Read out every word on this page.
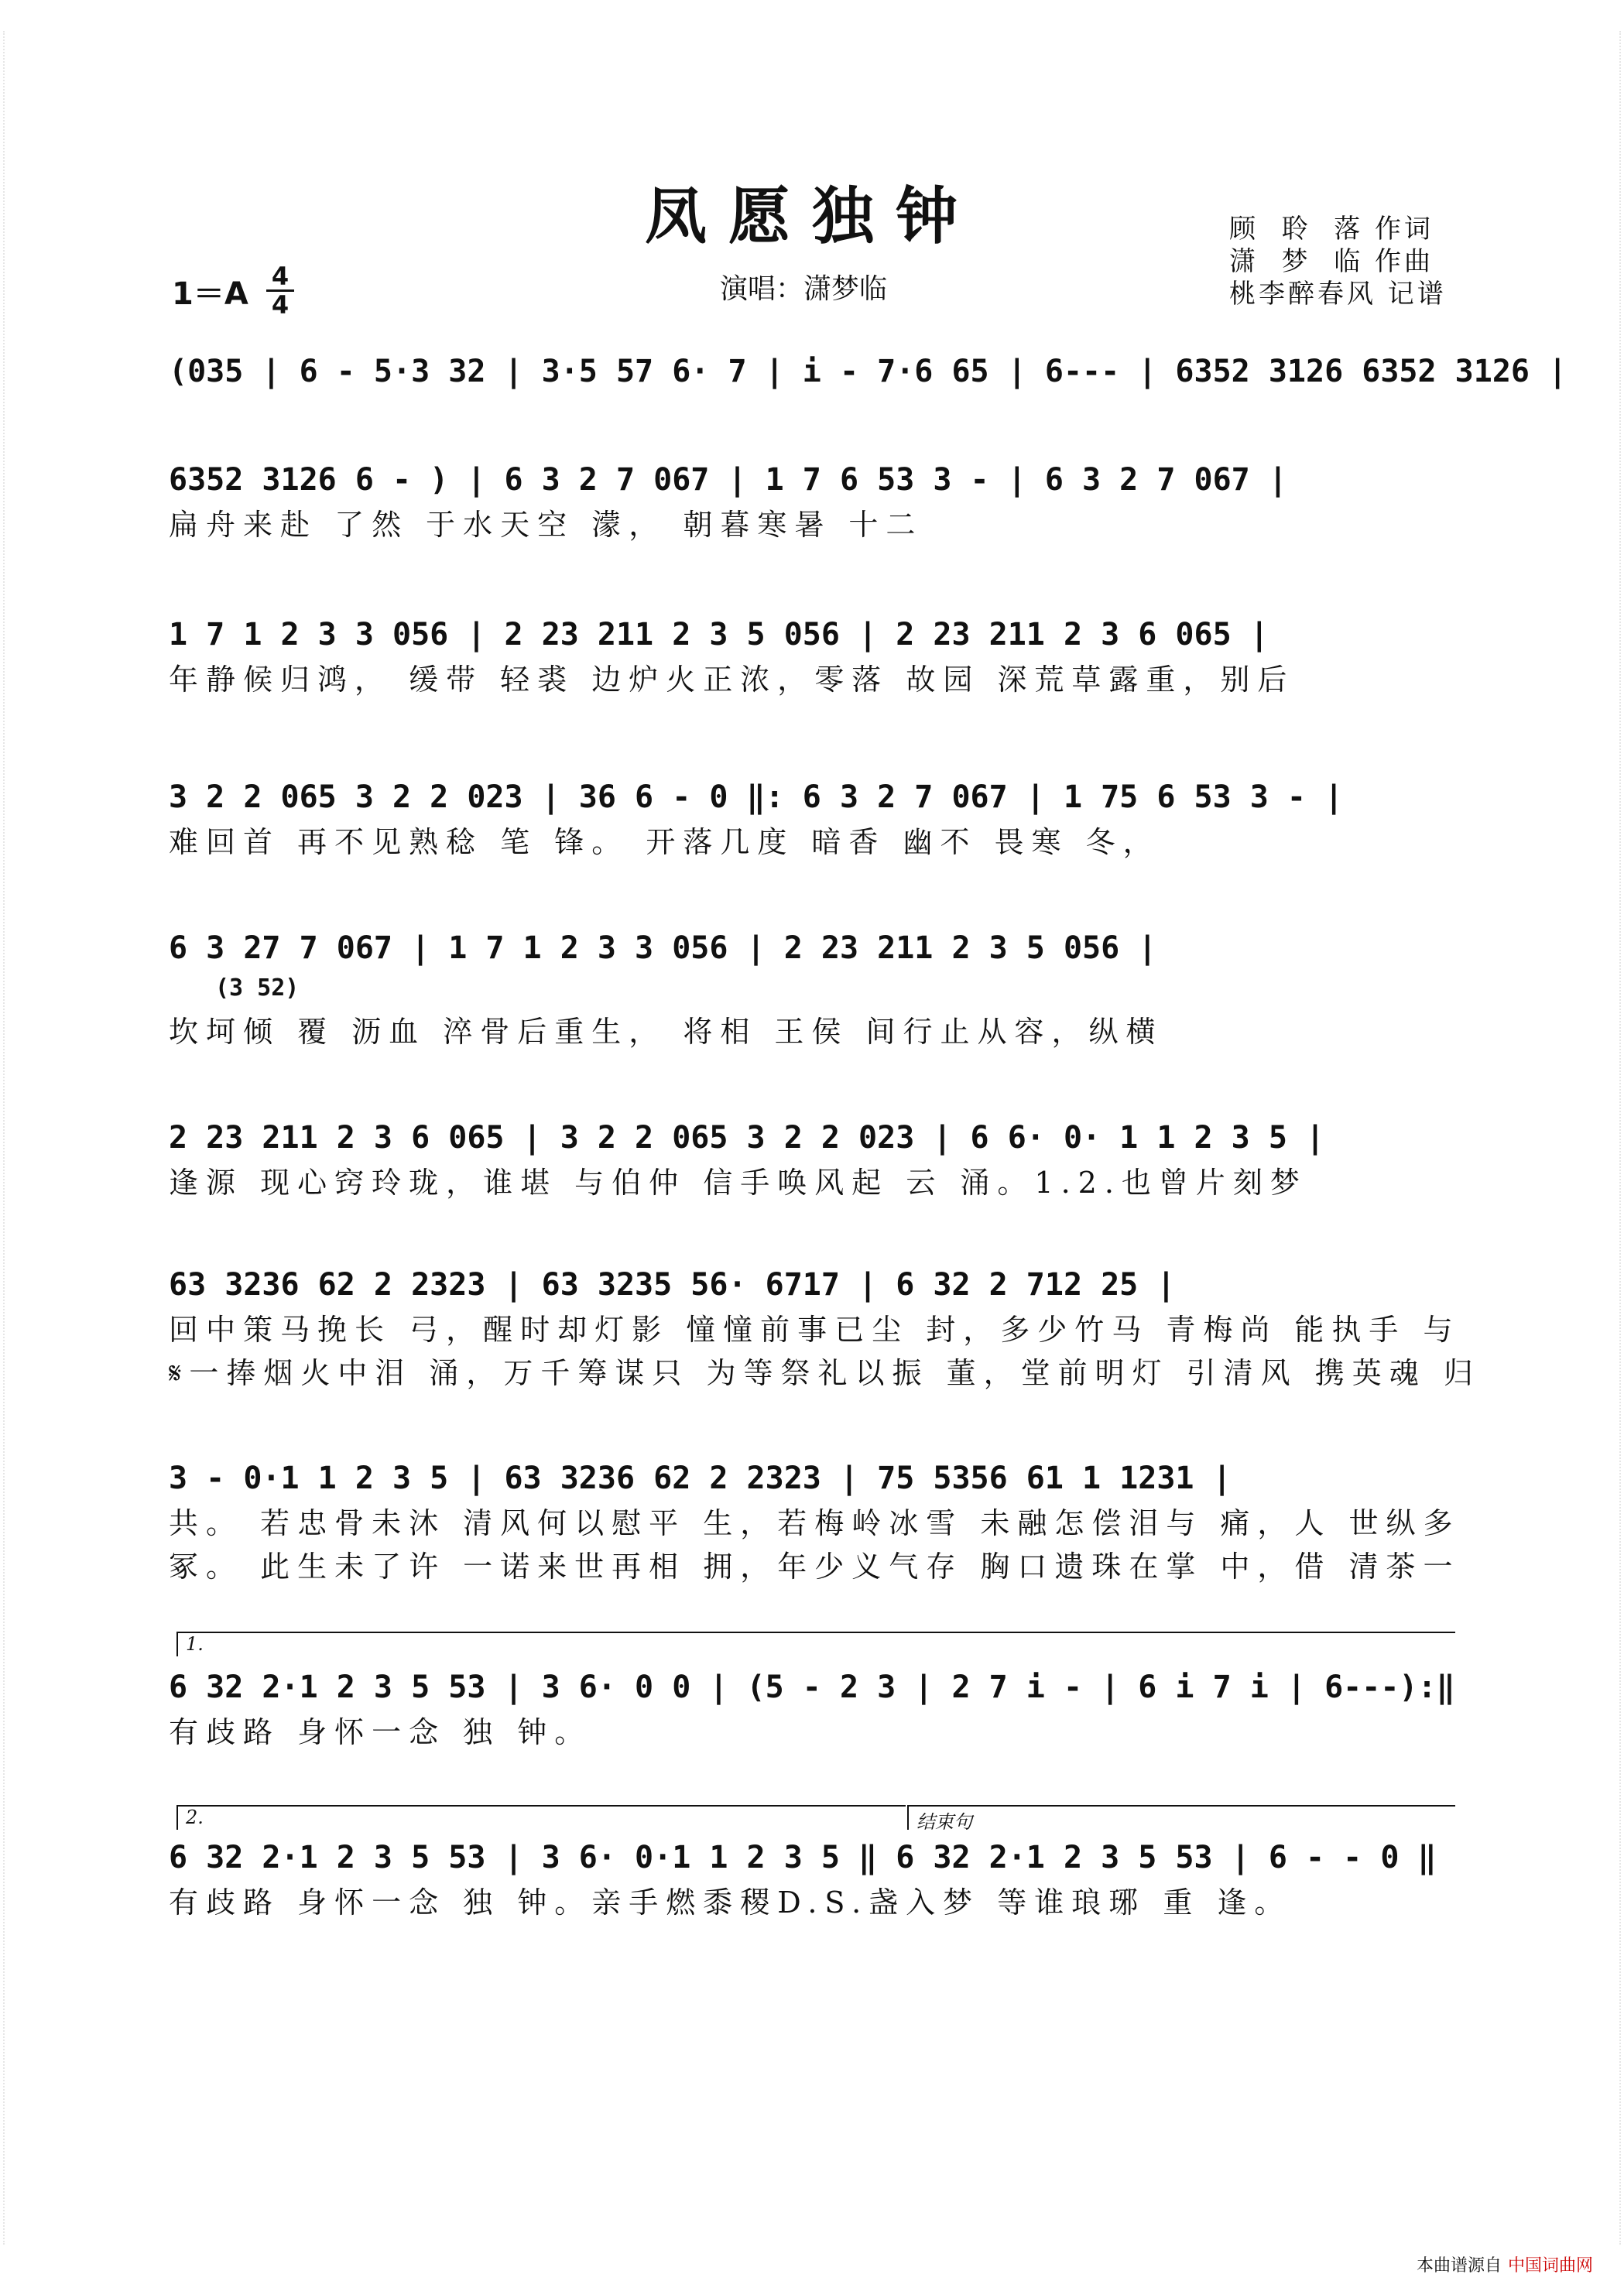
凤愿独钟
1＝A 4
4	演唱：潇梦临
顾  聆  落 作词
潇  梦  临 作曲
桃李醉春风 记谱
(035 | 6 - 5·3 32 | 3·5 57 6· 7 | i - 7·6 65 | 6--- | 6352 3126 6352 3126 |
6352 3126 6 - ) | 6 3 2 7 067 | 1 7 6 53 3 - | 6 3 2 7 067 |
扁舟来赴 了然 于水天空 濛， 朝暮寒暑 十二
1 7 1 2 3 3 056 | 2 23 211 2 3 5 056 | 2 23 211 2 3 6 065 |
年静候归鸿， 缓带 轻裘 边炉火正浓，零落 故园 深荒草露重，别后
3 2 2 065 3 2 2 023 | 36 6 - 0 ‖: 6 3 2 7 067 | 1 75 6 53 3 - |
难回首 再不见熟稔 笔 锋。 开落几度 暗香 幽不 畏寒 冬，
6 3 27 7 067 | 1 7 1 2 3 3 056 | 2 23 211 2 3 5 056 |
(3 52)
坎坷倾 覆 沥血 淬骨后重生， 将相 王侯 间行止从容，纵横
2 23 211 2 3 6 065 | 3 2 2 065 3 2 2 023 | 6 6· 0· 1 1 2 3 5 |
逢源 现心窍玲珑，谁堪 与伯仲 信手唤风起 云 涌。1.2.也曾片刻梦
63 3236 62 2 2323 | 63 3235 56· 6717 | 6 32 2 712 25 |
回中策马挽长 弓，醒时却灯影 憧憧前事已尘 封，多少竹马 青梅尚 能执手 与
𝄋一捧烟火中泪 涌，万千筹谋只 为等祭礼以振 董，堂前明灯 引清风 携英魂 归
3 - 0·1 1 2 3 5 | 63 3236 62 2 2323 | 75 5356 61 1 1231 |
共。 若忠骨未沐 清风何以慰平 生，若梅岭冰雪 未融怎偿泪与 痛，人 世纵多
冢。 此生未了许 一诺来世再相 拥，年少义气存 胸口遗珠在掌 中，借 清茶一
1.
6 32 2·1 2 3 5 53 | 3 6· 0 0 | (5 - 2 3 | 2 7 i - | 6 i 7 i | 6---):‖
有歧路 身怀一念 独 钟。
2.	结束句
6 32 2·1 2 3 5 53 | 3 6· 0·1 1 2 3 5 ‖ 6 32 2·1 2 3 5 53 | 6 - - 0 ‖
有歧路 身怀一念 独 钟。亲手燃黍稷D.S.盏入梦 等谁琅琊 重 逢。
本曲谱源自 中国词曲网
